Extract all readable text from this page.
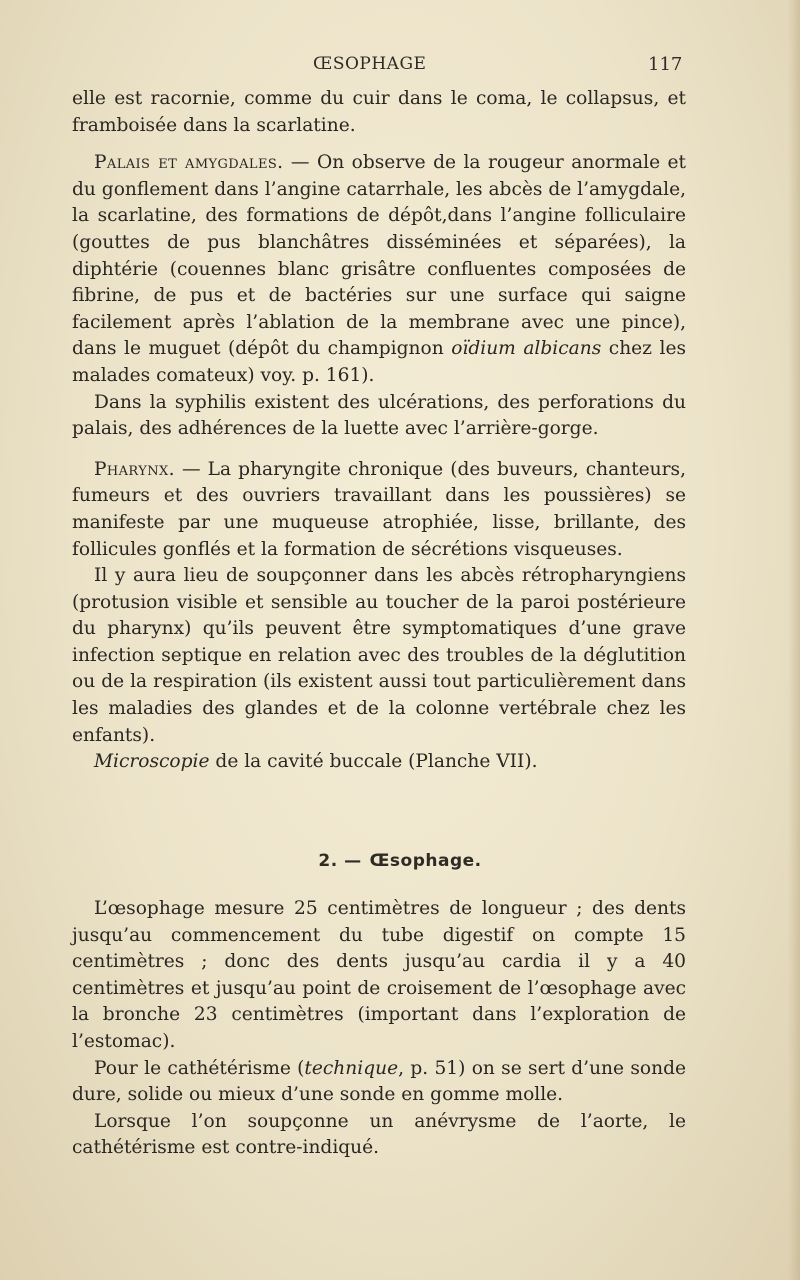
ŒSOPHAGE	117

elle est racornie, comme du cuir dans le coma, le collapsus, et framboisée dans la scarlatine.

Palais et amygdales. — On observe de la rougeur anormale et du gonflement dans l’angine catarrhale, les abcès de l’amygdale, la scarlatine, des formations de dépôt,dans l’angine folliculaire (gouttes de pus blanchâtres disséminées et séparées), la diphtérie (couennes blanc grisâtre confluentes composées de fibrine, de pus et de bactéries sur une surface qui saigne facilement après l’ablation de la membrane avec une pince), dans le muguet (dépôt du champignon oïdium albicans chez les malades comateux) voy. p. 161).

Dans la syphilis existent des ulcérations, des perforations du palais, des adhérences de la luette avec l’arrière-gorge.

Pharynx. — La pharyngite chronique (des buveurs, chanteurs, fumeurs et des ouvriers travaillant dans les poussières) se manifeste par une muqueuse atrophiée, lisse, brillante, des follicules gonflés et la formation de sécrétions visqueuses.

Il y aura lieu de soupçonner dans les abcès rétropharyngiens (protusion visible et sensible au toucher de la paroi postérieure du pharynx) qu’ils peuvent être symptomatiques d’une grave infection septique en relation avec des troubles de la déglutition ou de la respiration (ils existent aussi tout particulièrement dans les maladies des glandes et de la colonne vertébrale chez les enfants).

Microscopie de la cavité buccale (Planche VII).

2. — Œsophage.

L’œsophage mesure 25 centimètres de longueur ; des dents jusqu’au commencement du tube digestif on compte 15 centimètres ; donc des dents jusqu’au cardia il y a 40 centimètres et jusqu’au point de croisement de l’œsophage avec la bronche 23 centimètres (important dans l’exploration de l’estomac).

Pour le cathétérisme (technique, p. 51) on se sert d’une sonde dure, solide ou mieux d’une sonde en gomme molle.

Lorsque l’on soupçonne un anévrysme de l’aorte, le cathétérisme est contre-indiqué.
